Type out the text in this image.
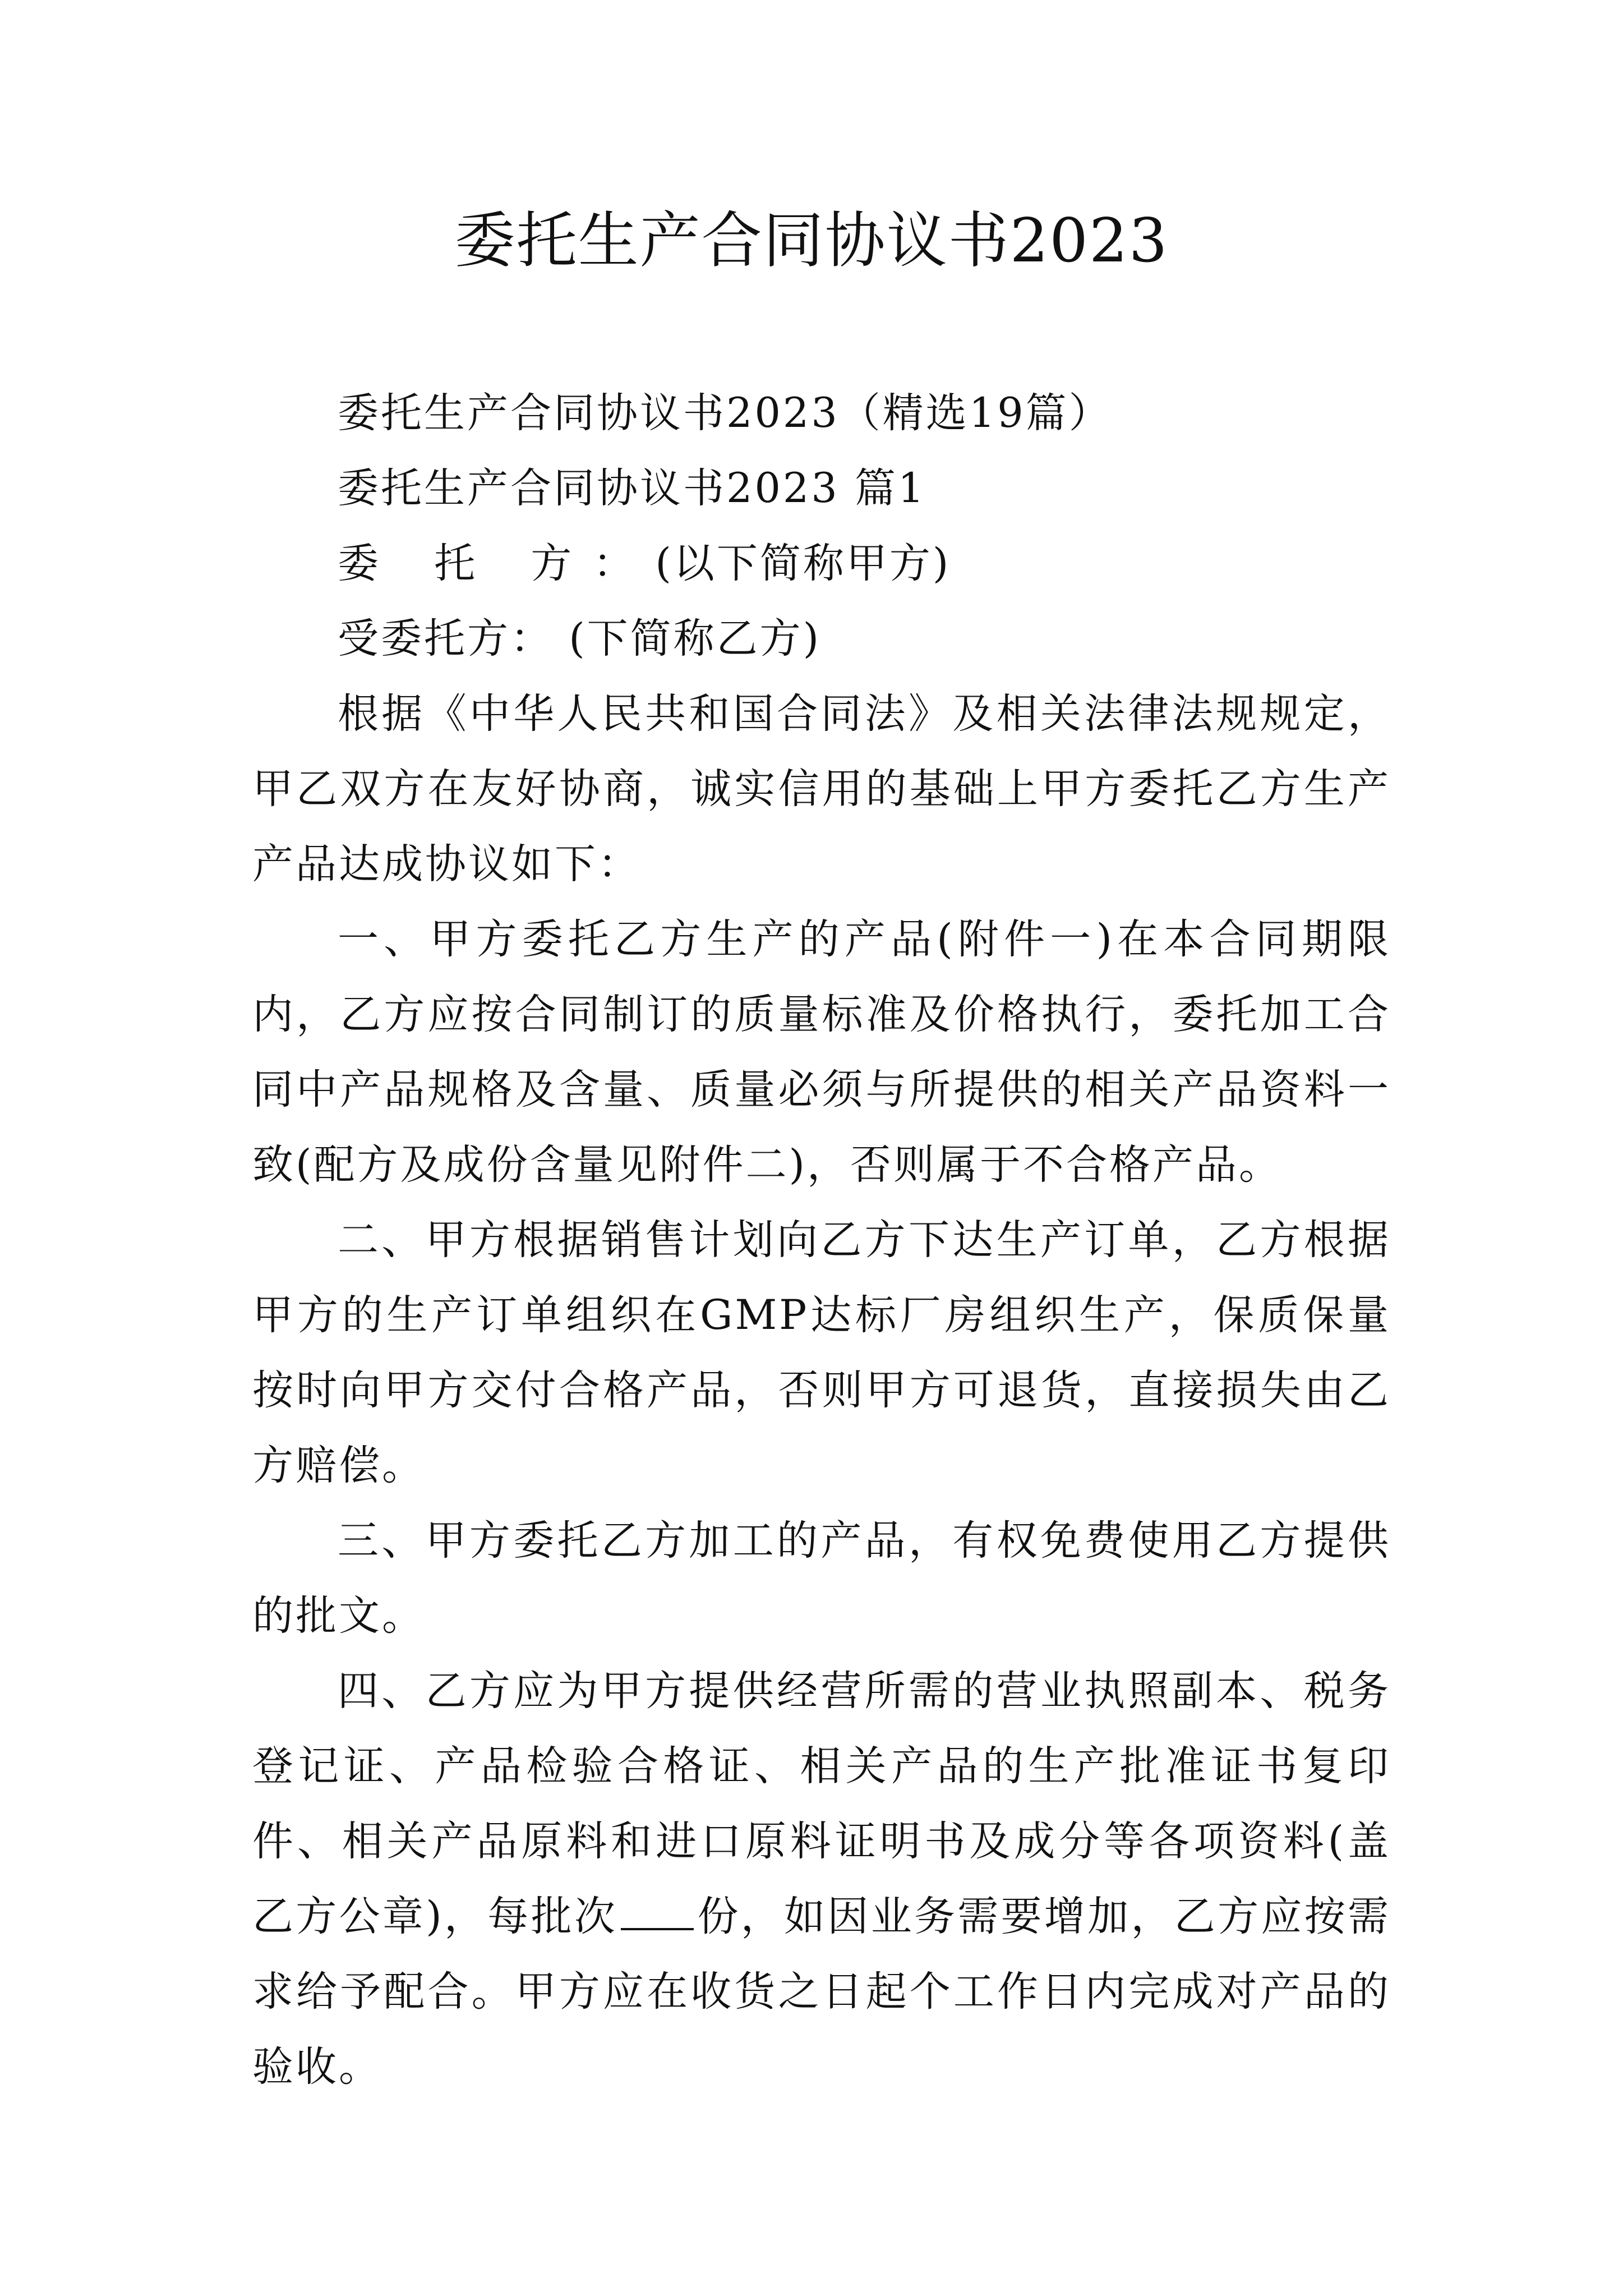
委托生产合同协议书2023

委托生产合同协议书2023（精选19篇）

委托生产合同协议书2023 篇1

委 托 方：(以下简称甲方)

受委托方： (下简称乙方)

根据《中华人民共和国合同法》及相关法律法规规定，甲乙双方在友好协商，诚实信用的基础上甲方委托乙方生产产品达成协议如下：

一、甲方委托乙方生产的产品(附件一)在本合同期限内，乙方应按合同制订的质量标准及价格执行，委托加工合同中产品规格及含量、质量必须与所提供的相关产品资料一致(配方及成份含量见附件二)，否则属于不合格产品。

二、甲方根据销售计划向乙方下达生产订单，乙方根据甲方的生产订单组织在GMP达标厂房组织生产，保质保量按时向甲方交付合格产品，否则甲方可退货，直接损失由乙方赔偿。

三、甲方委托乙方加工的产品，有权免费使用乙方提供的批文。

四、乙方应为甲方提供经营所需的营业执照副本、税务登记证、产品检验合格证、相关产品的生产批准证书复印件、相关产品原料和进口原料证明书及成分等各项资料(盖乙方公章)，每批次 份，如因业务需要增加，乙方应按需求给予配合。甲方应在收货之日起个工作日内完成对产品的验收。
